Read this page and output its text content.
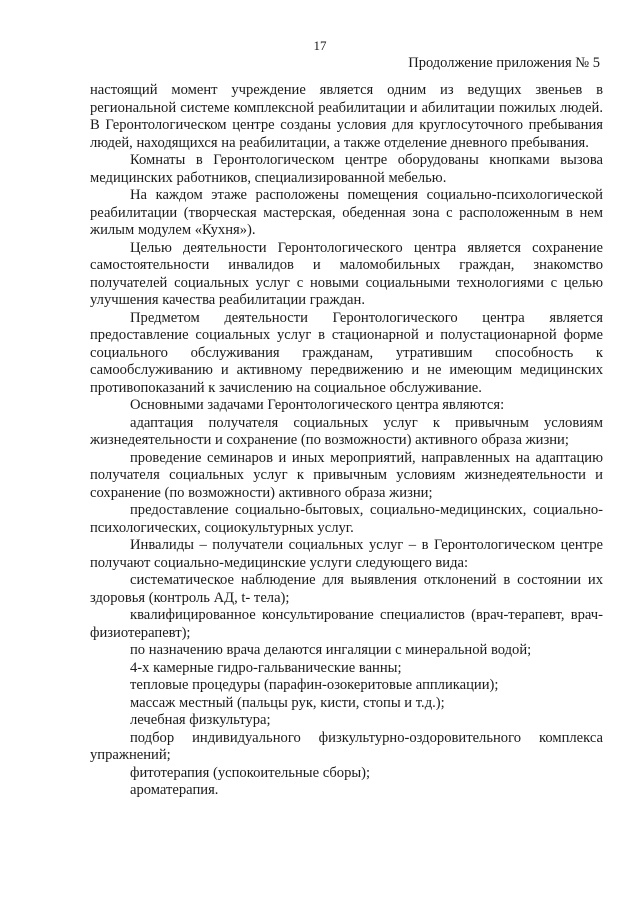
17
Продолжение приложения № 5

настоящий момент учреждение является одним из ведущих звеньев в региональной системе комплексной реабилитации и абилитации пожилых людей. В Геронтологическом центре созданы условия для круглосуточного пребывания людей, находящихся на реабилитации, а также отделение дневного пребывания.

Комнаты в Геронтологическом центре оборудованы кнопками вызова медицинских работников, специализированной мебелью.

На каждом этаже расположены помещения социально-психологической реабилитации (творческая мастерская, обеденная зона с расположенным в нем жилым модулем «Кухня»).

Целью деятельности Геронтологического центра является сохранение самостоятельности инвалидов и маломобильных граждан, знакомство получателей социальных услуг с новыми социальными технологиями с целью улучшения качества реабилитации граждан.

Предметом деятельности Геронтологического центра является предоставление социальных услуг в стационарной и полустационарной форме социального обслуживания гражданам, утратившим способность к самообслуживанию и активному передвижению и не имеющим медицинских противопоказаний к зачислению на социальное обслуживание.

Основными задачами Геронтологического центра являются:

адаптация получателя социальных услуг к привычным условиям жизнедеятельности и сохранение (по возможности) активного образа жизни;

проведение семинаров и иных мероприятий, направленных на адаптацию получателя социальных услуг к привычным условиям жизнедеятельности и сохранение (по возможности) активного образа жизни;

предоставление социально-бытовых, социально-медицинских, социально-психологических, социокультурных услуг.

Инвалиды – получатели социальных услуг – в Геронтологическом центре получают социально-медицинские услуги следующего вида:

систематическое наблюдение для выявления отклонений в состоянии их здоровья (контроль АД, t- тела);

квалифицированное консультирование специалистов (врач-терапевт, врач-физиотерапевт);

по назначению врача делаются ингаляции с минеральной водой;

4-х камерные гидро-гальванические ванны;

тепловые процедуры (парафин-озокеритовые аппликации);

массаж местный (пальцы рук, кисти, стопы и т.д.);

лечебная физкультура;

подбор индивидуального физкультурно-оздоровительного комплекса упражнений;

фитотерапия (успокоительные сборы);

ароматерапия.
